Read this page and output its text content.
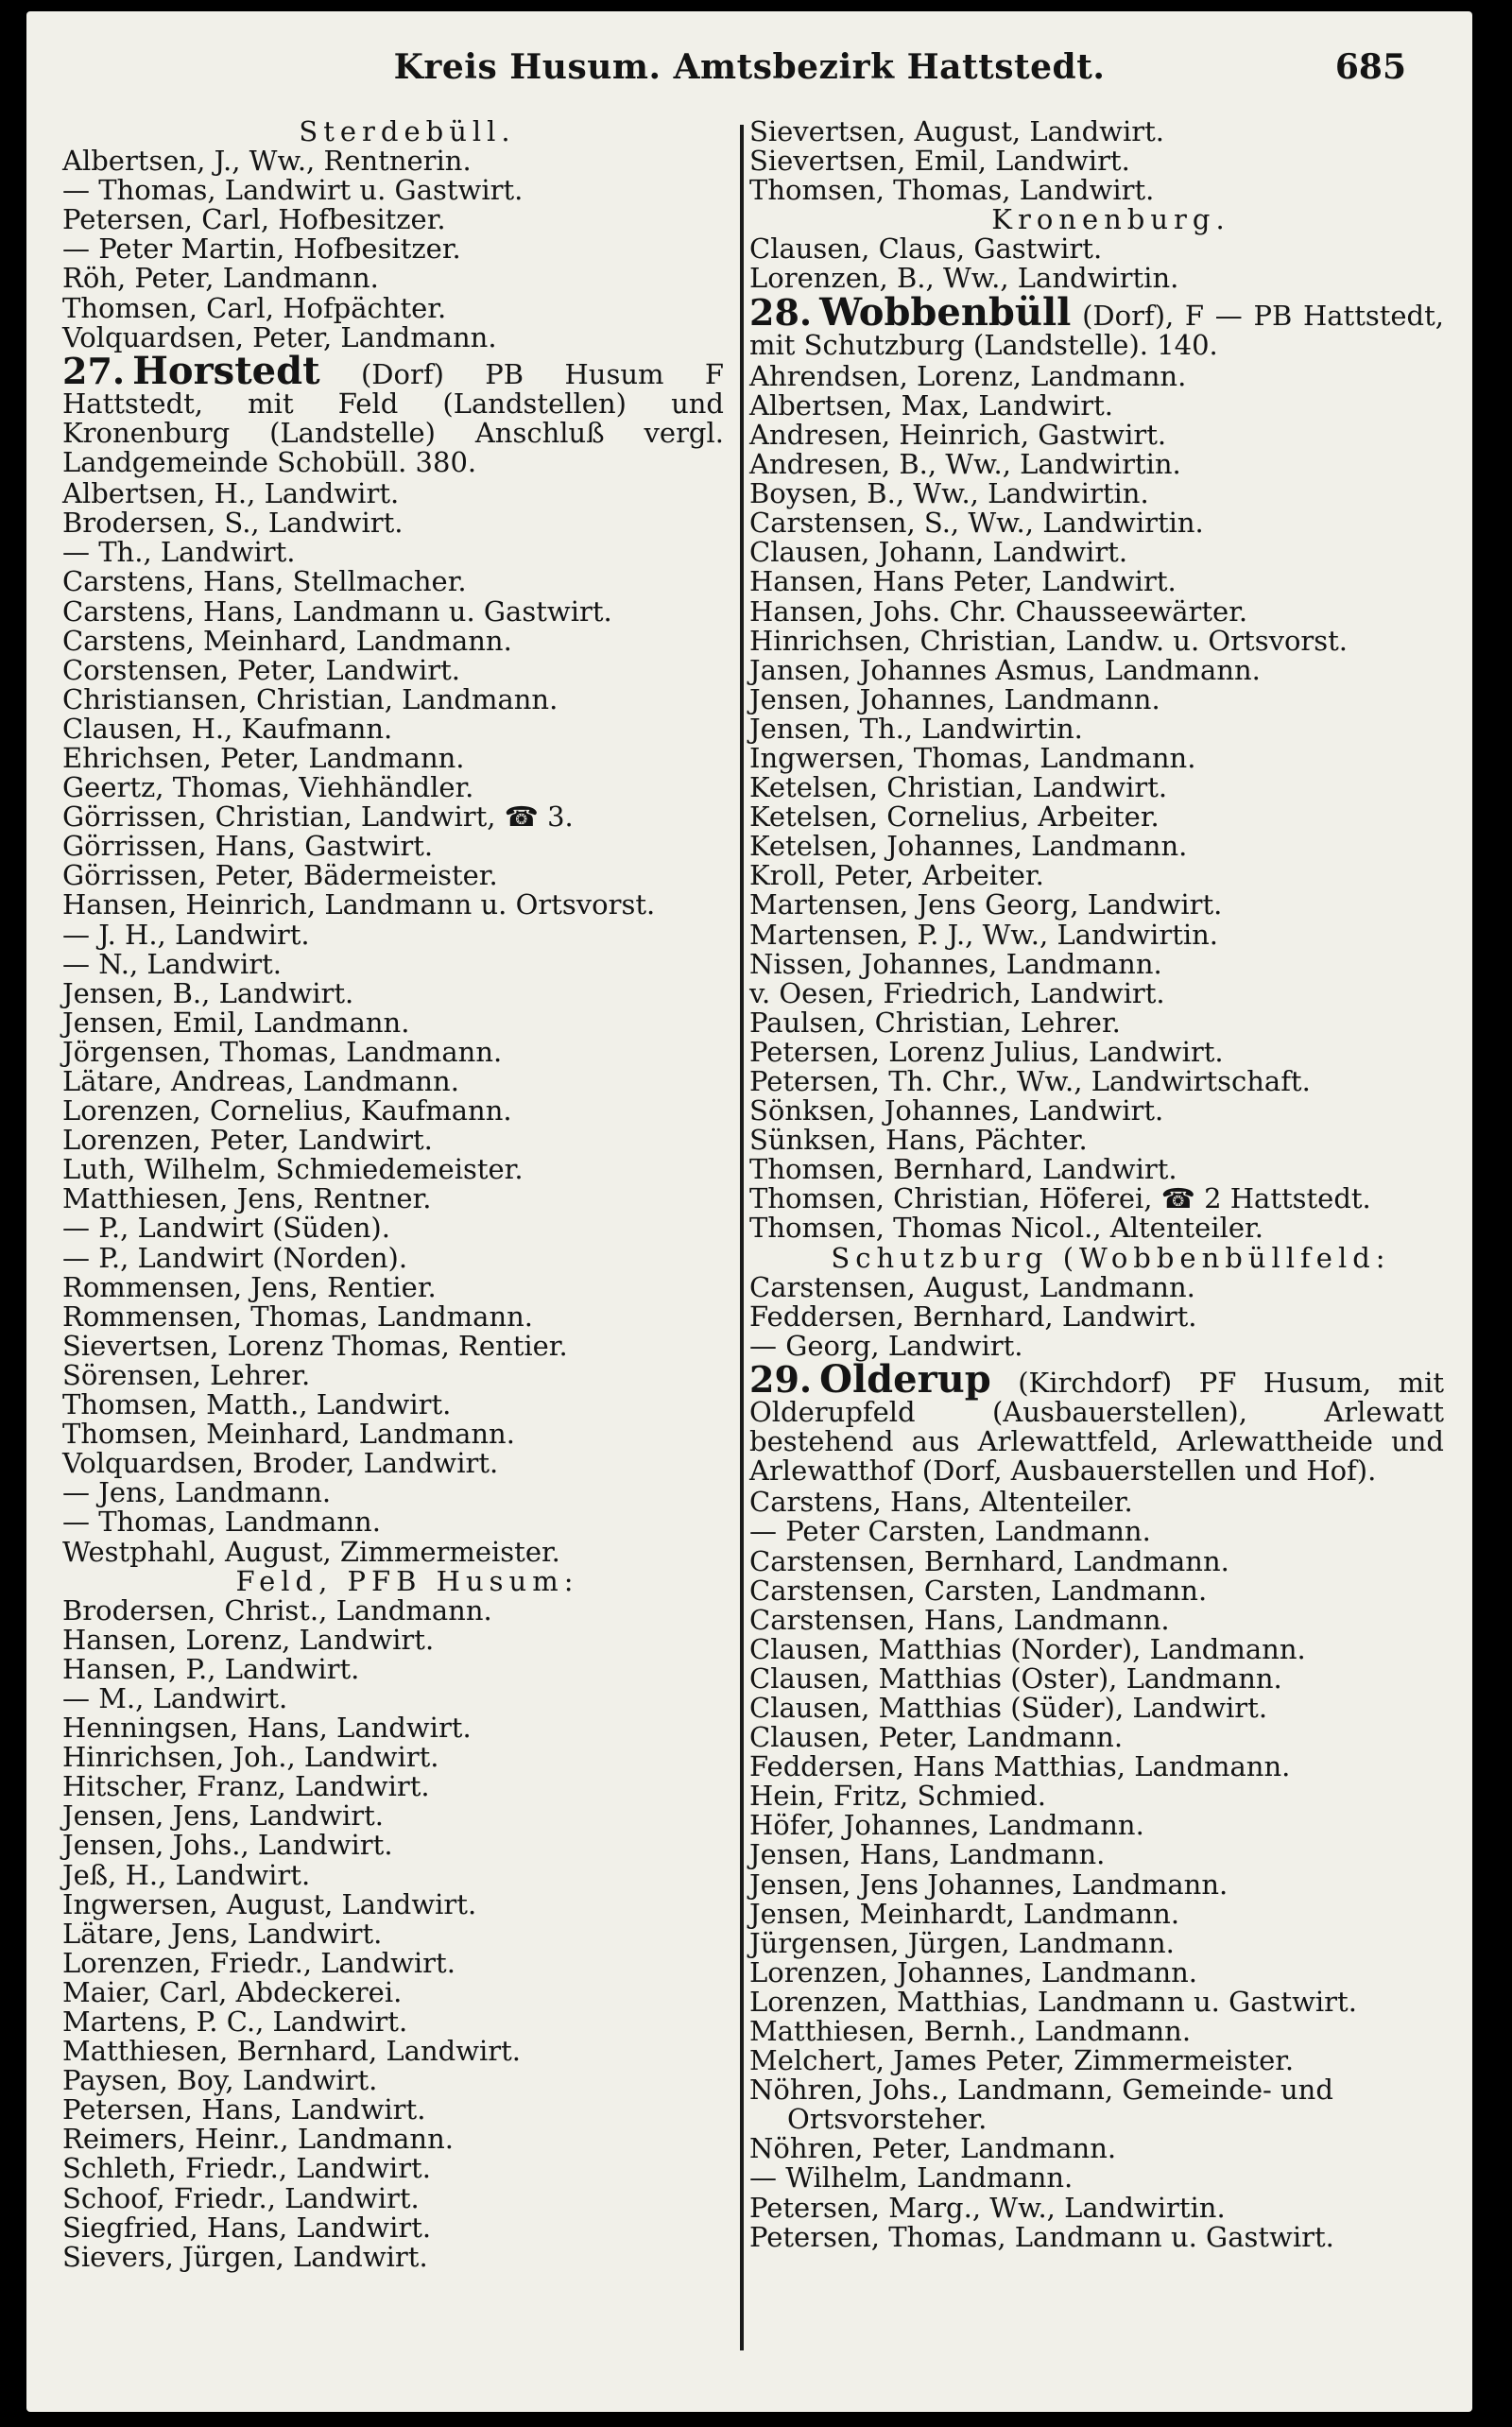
Kreis Husum. Amtsbezirk Hattstedt.	685

Sterdebüll.

Albertsen, J., Ww., Rentnerin.

— Thomas, Landwirt u. Gastwirt.

Petersen, Carl, Hofbesitzer.

— Peter Martin, Hofbesitzer.

Röh, Peter, Landmann.

Thomsen, Carl, Hofpächter.

Volquardsen, Peter, Landmann.

27. Horstedt (Dorf) PB Husum F Hattstedt, mit Feld (Landstellen) und Kronenburg (Landstelle) Anschluß vergl. Landgemeinde Schobüll. 380.

Albertsen, H., Landwirt.

Brodersen, S., Landwirt.

— Th., Landwirt.

Carstens, Hans, Stellmacher.

Carstens, Hans, Landmann u. Gastwirt.

Carstens, Meinhard, Landmann.

Corstensen, Peter, Landwirt.

Christiansen, Christian, Landmann.

Clausen, H., Kaufmann.

Ehrichsen, Peter, Landmann.

Geertz, Thomas, Viehhändler.

Görrissen, Christian, Landwirt, ☎ 3.

Görrissen, Hans, Gastwirt.

Görrissen, Peter, Bädermeister.

Hansen, Heinrich, Landmann u. Ortsvorst.

— J. H., Landwirt.

— N., Landwirt.

Jensen, B., Landwirt.

Jensen, Emil, Landmann.

Jörgensen, Thomas, Landmann.

Lätare, Andreas, Landmann.

Lorenzen, Cornelius, Kaufmann.

Lorenzen, Peter, Landwirt.

Luth, Wilhelm, Schmiedemeister.

Matthiesen, Jens, Rentner.

— P., Landwirt (Süden).

— P., Landwirt (Norden).

Rommensen, Jens, Rentier.

Rommensen, Thomas, Landmann.

Sievertsen, Lorenz Thomas, Rentier.

Sörensen, Lehrer.

Thomsen, Matth., Landwirt.

Thomsen, Meinhard, Landmann.

Volquardsen, Broder, Landwirt.

— Jens, Landmann.

— Thomas, Landmann.

Westphahl, August, Zimmermeister.

Feld, PFB Husum:

Brodersen, Christ., Landmann.

Hansen, Lorenz, Landwirt.

Hansen, P., Landwirt.

— M., Landwirt.

Henningsen, Hans, Landwirt.

Hinrichsen, Joh., Landwirt.

Hitscher, Franz, Landwirt.

Jensen, Jens, Landwirt.

Jensen, Johs., Landwirt.

Jeß, H., Landwirt.

Ingwersen, August, Landwirt.

Lätare, Jens, Landwirt.

Lorenzen, Friedr., Landwirt.

Maier, Carl, Abdeckerei.

Martens, P. C., Landwirt.

Matthiesen, Bernhard, Landwirt.

Paysen, Boy, Landwirt.

Petersen, Hans, Landwirt.

Reimers, Heinr., Landmann.

Schleth, Friedr., Landwirt.

Schoof, Friedr., Landwirt.

Siegfried, Hans, Landwirt.

Sievers, Jürgen, Landwirt.

Sievertsen, August, Landwirt.

Sievertsen, Emil, Landwirt.

Thomsen, Thomas, Landwirt.

Kronenburg.

Clausen, Claus, Gastwirt.

Lorenzen, B., Ww., Landwirtin.

28. Wobbenbüll (Dorf), F — PB Hattstedt, mit Schutzburg (Landstelle). 140.

Ahrendsen, Lorenz, Landmann.

Albertsen, Max, Landwirt.

Andresen, Heinrich, Gastwirt.

Andresen, B., Ww., Landwirtin.

Boysen, B., Ww., Landwirtin.

Carstensen, S., Ww., Landwirtin.

Clausen, Johann, Landwirt.

Hansen, Hans Peter, Landwirt.

Hansen, Johs. Chr. Chausseewärter.

Hinrichsen, Christian, Landw. u. Ortsvorst.

Jansen, Johannes Asmus, Landmann.

Jensen, Johannes, Landmann.

Jensen, Th., Landwirtin.

Ingwersen, Thomas, Landmann.

Ketelsen, Christian, Landwirt.

Ketelsen, Cornelius, Arbeiter.

Ketelsen, Johannes, Landmann.

Kroll, Peter, Arbeiter.

Martensen, Jens Georg, Landwirt.

Martensen, P. J., Ww., Landwirtin.

Nissen, Johannes, Landmann.

v. Oesen, Friedrich, Landwirt.

Paulsen, Christian, Lehrer.

Petersen, Lorenz Julius, Landwirt.

Petersen, Th. Chr., Ww., Landwirtschaft.

Sönksen, Johannes, Landwirt.

Sünksen, Hans, Pächter.

Thomsen, Bernhard, Landwirt.

Thomsen, Christian, Höferei, ☎ 2 Hattstedt.

Thomsen, Thomas Nicol., Altenteiler.

Schutzburg (Wobbenbüllfeld:

Carstensen, August, Landmann.

Feddersen, Bernhard, Landwirt.

— Georg, Landwirt.

29. Olderup (Kirchdorf) PF Husum, mit Olderupfeld (Ausbauerstellen), Arlewatt bestehend aus Arlewattfeld, Arlewattheide und Arlewatthof (Dorf, Ausbauerstellen und Hof).

Carstens, Hans, Altenteiler.

— Peter Carsten, Landmann.

Carstensen, Bernhard, Landmann.

Carstensen, Carsten, Landmann.

Carstensen, Hans, Landmann.

Clausen, Matthias (Norder), Landmann.

Clausen, Matthias (Oster), Landmann.

Clausen, Matthias (Süder), Landwirt.

Clausen, Peter, Landmann.

Feddersen, Hans Matthias, Landmann.

Hein, Fritz, Schmied.

Höfer, Johannes, Landmann.

Jensen, Hans, Landmann.

Jensen, Jens Johannes, Landmann.

Jensen, Meinhardt, Landmann.

Jürgensen, Jürgen, Landmann.

Lorenzen, Johannes, Landmann.

Lorenzen, Matthias, Landmann u. Gastwirt.

Matthiesen, Bernh., Landmann.

Melchert, James Peter, Zimmermeister.

Nöhren, Johs., Landmann, Gemeinde- und

Ortsvorsteher.

Nöhren, Peter, Landmann.

— Wilhelm, Landmann.

Petersen, Marg., Ww., Landwirtin.

Petersen, Thomas, Landmann u. Gastwirt.
